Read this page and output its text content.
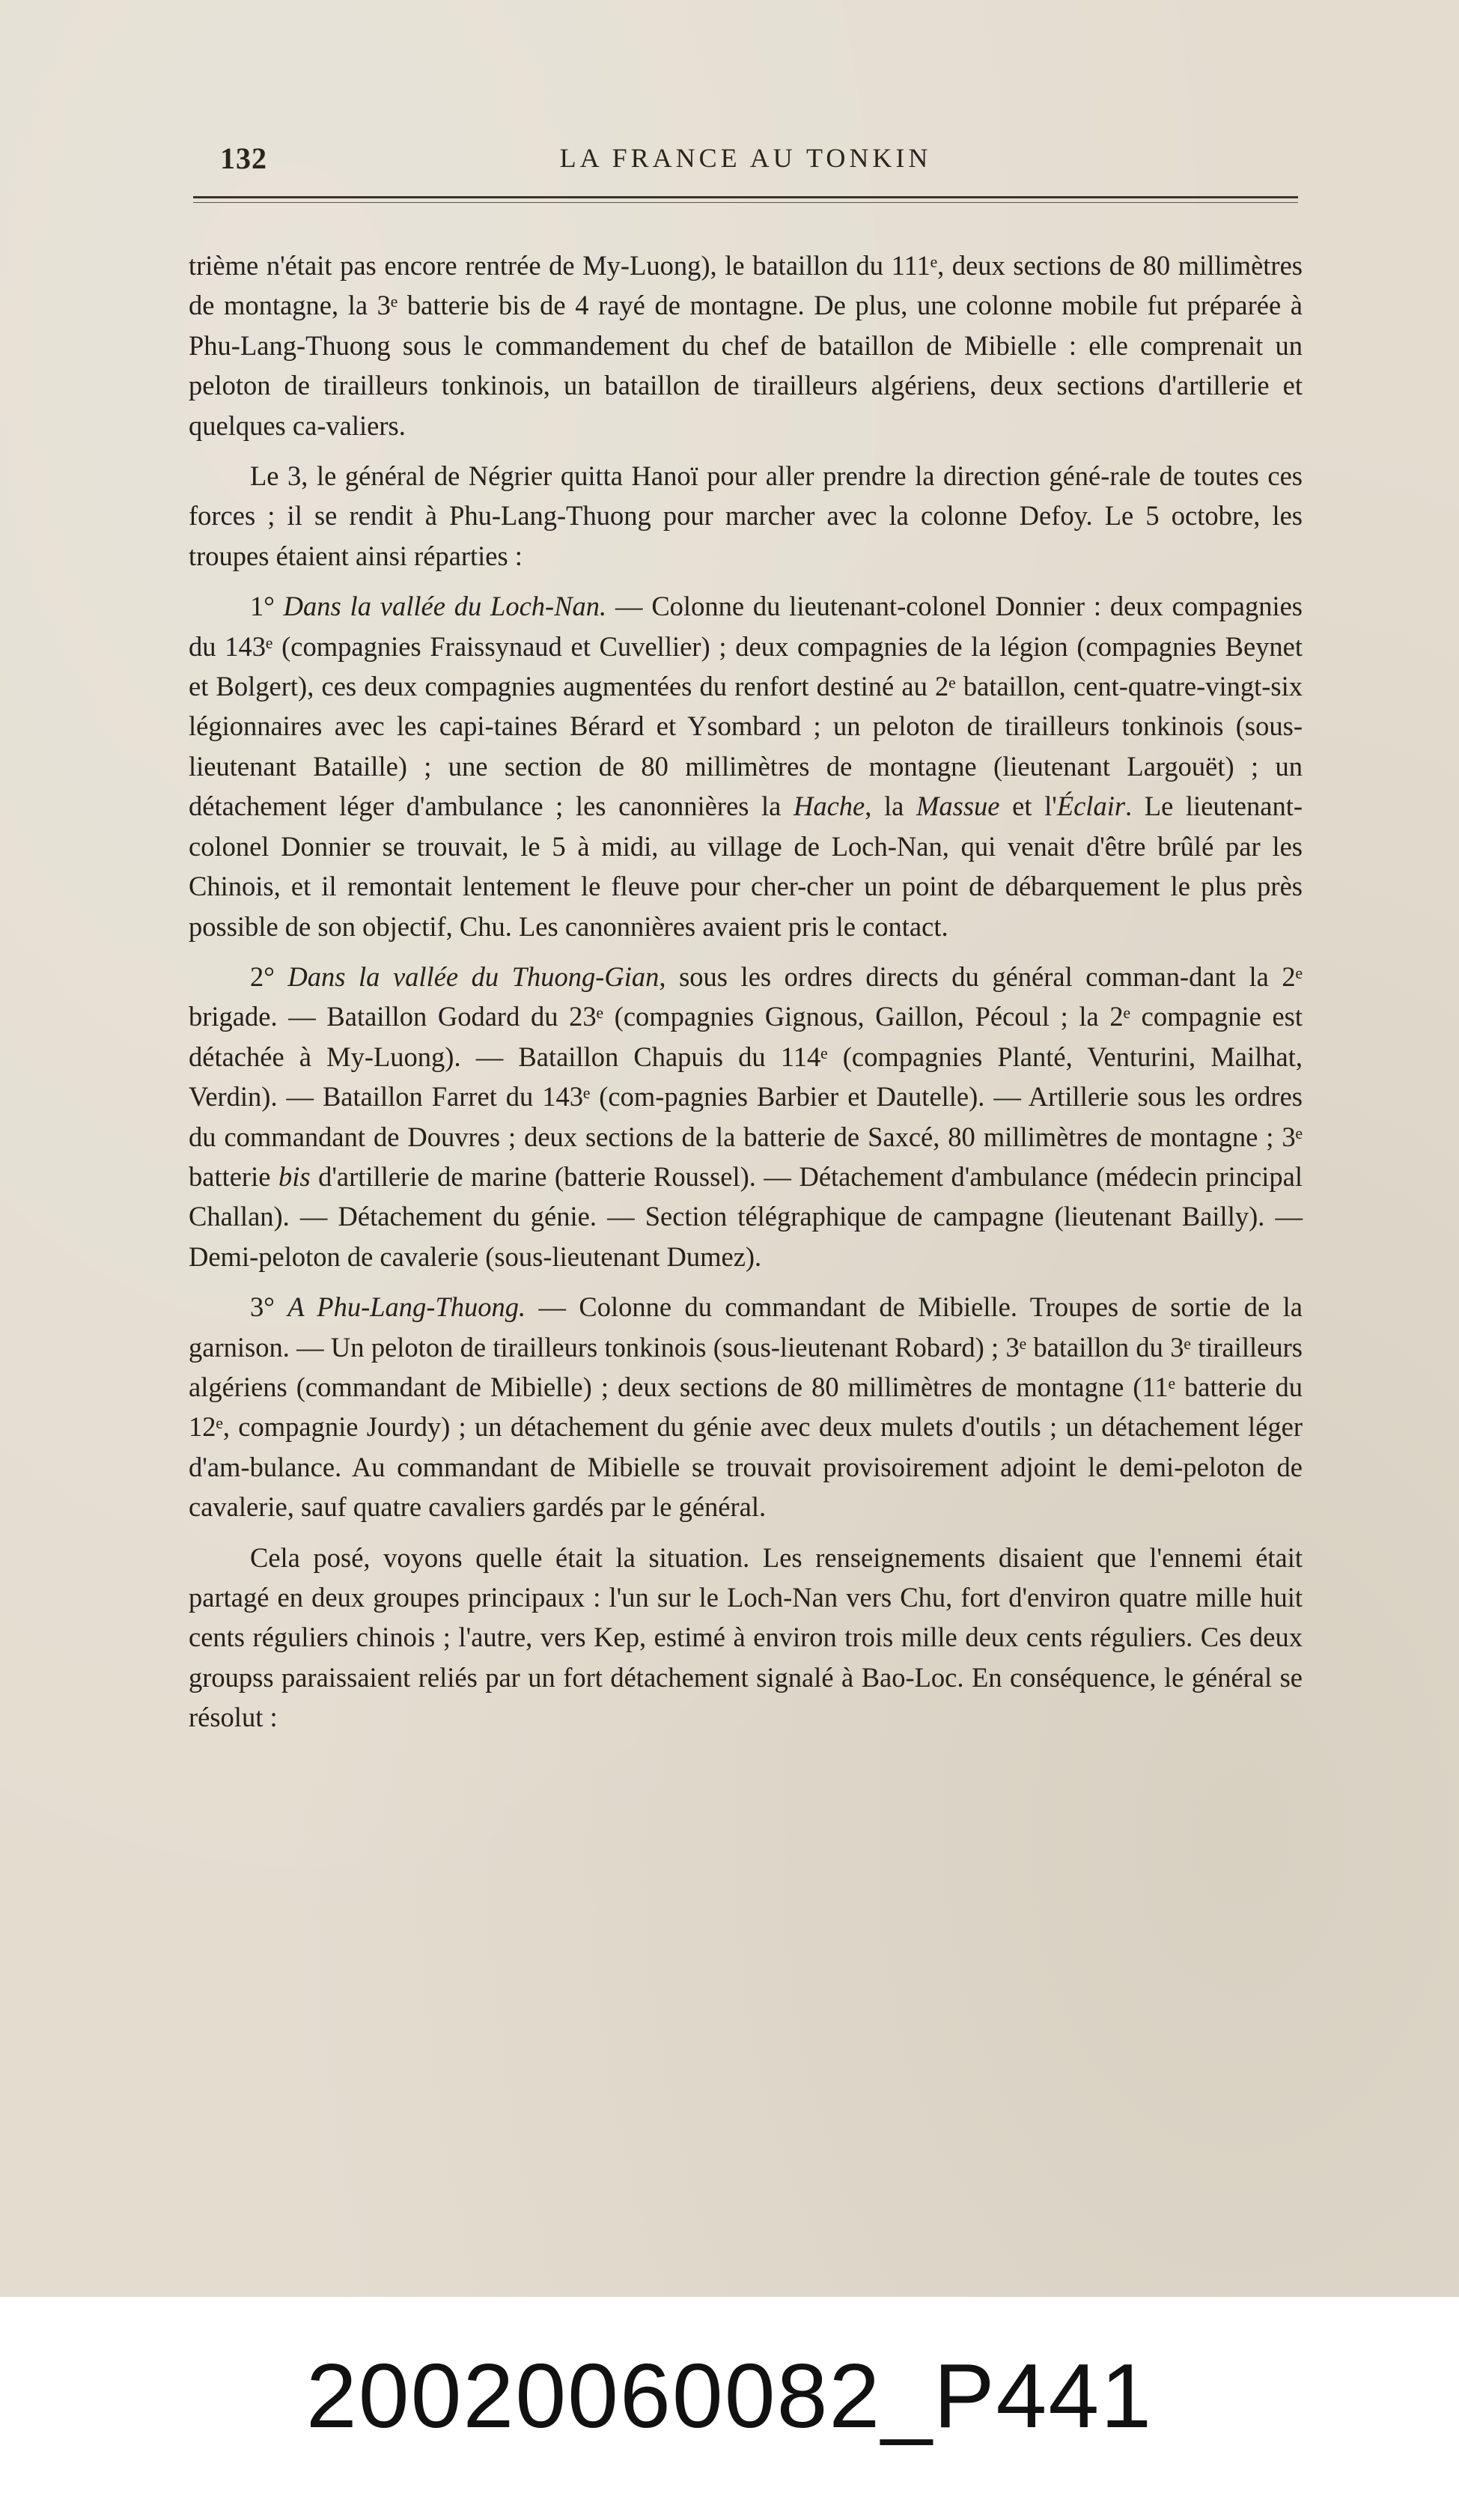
132	LA FRANCE AU TONKIN

trième n'était pas encore rentrée de My-Luong), le bataillon du 111ᵉ, deux sections de 80 millimètres de montagne, la 3ᵉ batterie bis de 4 rayé de montagne. De plus, une colonne mobile fut préparée à Phu-Lang-Thuong sous le commandement du chef de bataillon de Mibielle : elle comprenait un peloton de tirailleurs tonkinois, un bataillon de tirailleurs algériens, deux sections d'artillerie et quelques ca-valiers.

Le 3, le général de Négrier quitta Hanoï pour aller prendre la direction géné-rale de toutes ces forces ; il se rendit à Phu-Lang-Thuong pour marcher avec la colonne Defoy. Le 5 octobre, les troupes étaient ainsi réparties :

1° Dans la vallée du Loch-Nan. — Colonne du lieutenant-colonel Donnier : deux compagnies du 143ᵉ (compagnies Fraissynaud et Cuvellier) ; deux compagnies de la légion (compagnies Beynet et Bolgert), ces deux compagnies augmentées du renfort destiné au 2ᵉ bataillon, cent-quatre-vingt-six légionnaires avec les capi-taines Bérard et Ysombard ; un peloton de tirailleurs tonkinois (sous-lieutenant Bataille) ; une section de 80 millimètres de montagne (lieutenant Largouët) ; un détachement léger d'ambulance ; les canonnières la Hache, la Massue et l'Éclair. Le lieutenant-colonel Donnier se trouvait, le 5 à midi, au village de Loch-Nan, qui venait d'être brûlé par les Chinois, et il remontait lentement le fleuve pour cher-cher un point de débarquement le plus près possible de son objectif, Chu. Les canonnières avaient pris le contact.

2° Dans la vallée du Thuong-Gian, sous les ordres directs du général comman-dant la 2ᵉ brigade. — Bataillon Godard du 23ᵉ (compagnies Gignous, Gaillon, Pécoul ; la 2ᵉ compagnie est détachée à My-Luong). — Bataillon Chapuis du 114ᵉ (compagnies Planté, Venturini, Mailhat, Verdin). — Bataillon Farret du 143ᵉ (com-pagnies Barbier et Dautelle). — Artillerie sous les ordres du commandant de Douvres ; deux sections de la batterie de Saxcé, 80 millimètres de montagne ; 3ᵉ batterie bis d'artillerie de marine (batterie Roussel). — Détachement d'ambulance (médecin principal Challan). — Détachement du génie. — Section télégraphique de campagne (lieutenant Bailly). — Demi-peloton de cavalerie (sous-lieutenant Dumez).

3° A Phu-Lang-Thuong. — Colonne du commandant de Mibielle. Troupes de sortie de la garnison. — Un peloton de tirailleurs tonkinois (sous-lieutenant Robard) ; 3ᵉ bataillon du 3ᵉ tirailleurs algériens (commandant de Mibielle) ; deux sections de 80 millimètres de montagne (11ᵉ batterie du 12ᵉ, compagnie Jourdy) ; un détachement du génie avec deux mulets d'outils ; un détachement léger d'am-bulance. Au commandant de Mibielle se trouvait provisoirement adjoint le demi-peloton de cavalerie, sauf quatre cavaliers gardés par le général.

Cela posé, voyons quelle était la situation. Les renseignements disaient que l'ennemi était partagé en deux groupes principaux : l'un sur le Loch-Nan vers Chu, fort d'environ quatre mille huit cents réguliers chinois ; l'autre, vers Kep, estimé à environ trois mille deux cents réguliers. Ces deux groupss paraissaient reliés par un fort détachement signalé à Bao-Loc. En conséquence, le général se résolut :

20020060082_P441
